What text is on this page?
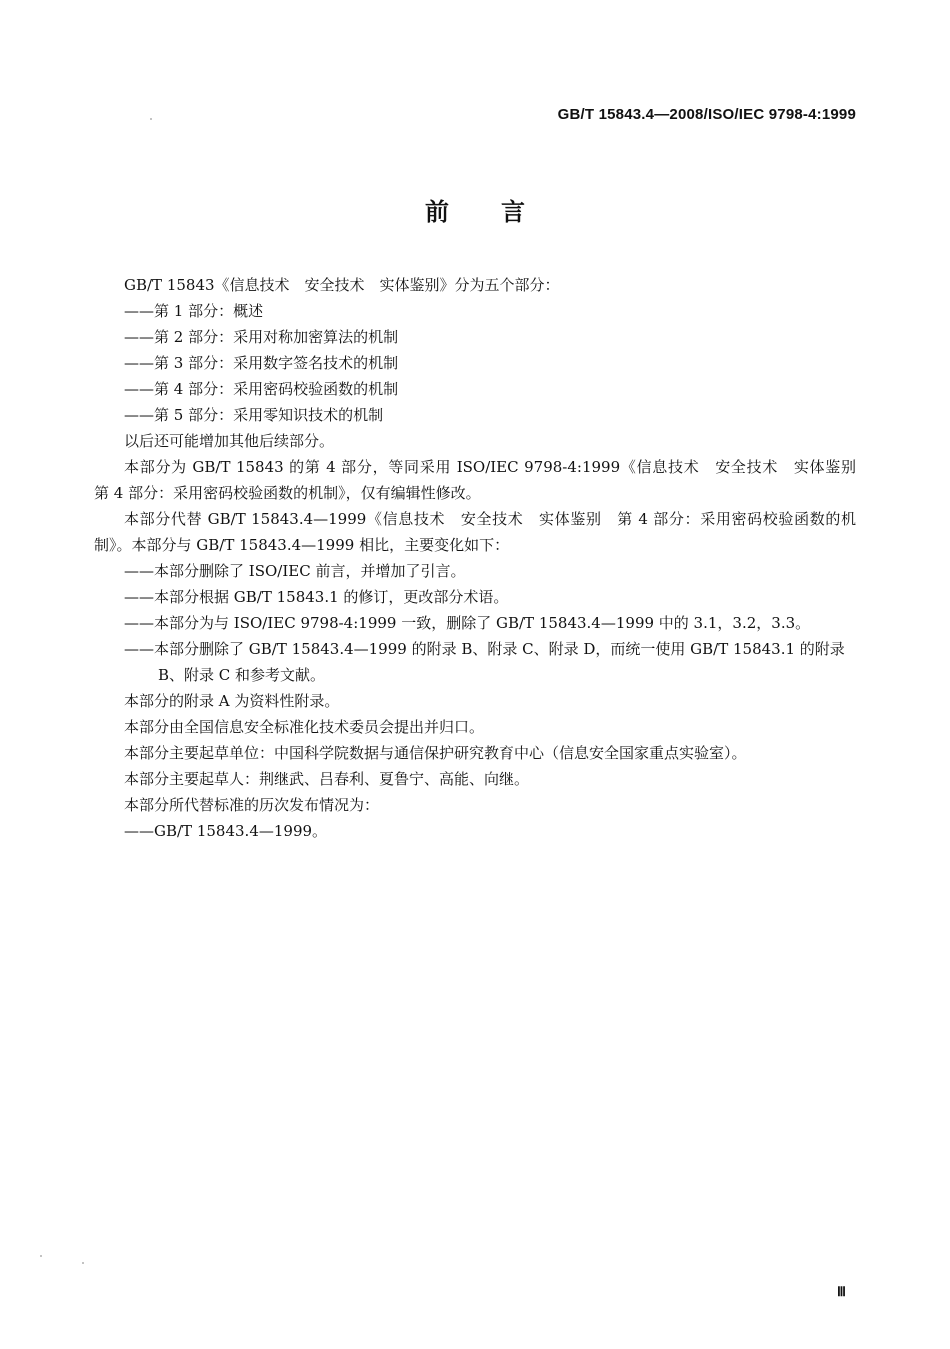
GB/T 15843.4—2008/ISO/IEC 9798-4:1999
前言

GB/T 15843《信息技术　安全技术　实体鉴别》分为五个部分：

——第 1 部分：概述

——第 2 部分：采用对称加密算法的机制

——第 3 部分：采用数字签名技术的机制

——第 4 部分：采用密码校验函数的机制

——第 5 部分：采用零知识技术的机制

以后还可能增加其他后续部分。

本部分为 GB/T 15843 的第 4 部分，等同采用 ISO/IEC 9798-4:1999《信息技术　安全技术　实体鉴别　第 4 部分：采用密码校验函数的机制》，仅有编辑性修改。

本部分代替 GB/T 15843.4—1999《信息技术　安全技术　实体鉴别　第 4 部分：采用密码校验函数的机制》。本部分与 GB/T 15843.4—1999 相比，主要变化如下：

——本部分删除了 ISO/IEC 前言，并增加了引言。

——本部分根据 GB/T 15843.1 的修订，更改部分术语。

——本部分为与 ISO/IEC 9798-4:1999 一致，删除了 GB/T 15843.4—1999 中的 3.1，3.2，3.3。

——本部分删除了 GB/T 15843.4—1999 的附录 B、附录 C、附录 D，而统一使用 GB/T 15843.1 的附录 B、附录 C 和参考文献。

本部分的附录 A 为资料性附录。

本部分由全国信息安全标准化技术委员会提出并归口。

本部分主要起草单位：中国科学院数据与通信保护研究教育中心（信息安全国家重点实验室）。

本部分主要起草人：荆继武、吕春利、夏鲁宁、高能、向继。

本部分所代替标准的历次发布情况为：

——GB/T 15843.4—1999。

Ⅲ
